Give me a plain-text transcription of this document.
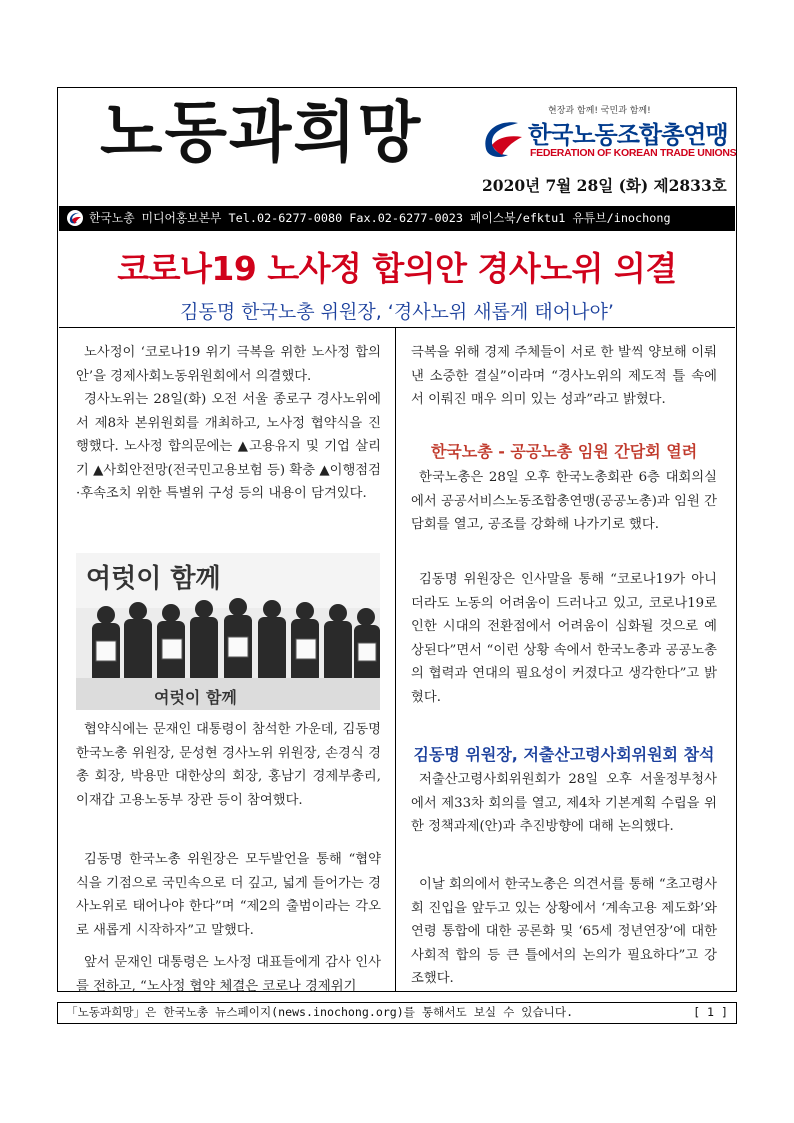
노동과희망	현장과 함께! 국민과 함께!
한국노동조합총연맹
FEDERATION OF KOREAN TRADE UNIONS
2020년 7월 28일 (화) 제2833호
한국노총 미디어홍보본부 Tel.02-6277-0080 Fax.02-6277-0023 페이스북/efktu1 유튜브/inochong
코로나19 노사정 합의안 경사노위 의결
김동명 한국노총 위원장, ‘경사노위 새롭게 태어나야’
노사정이 ‘코로나19 위기 극복을 위한 노사정 합의안’을 경제사회노동위원회에서 의결했다.
경사노위는 28일(화) 오전 서울 종로구 경사노위에서 제8차 본위원회를 개최하고, 노사정 협약식을 진행했다. 노사정 합의문에는 ▲고용유지 및 기업 살리기 ▲사회안전망(전국민고용보험 등) 확충 ▲이행점검·후속조치 위한 특별위 구성 등의 내용이 담겨있다.
여럿이 함께
여럿이 함께
협약식에는 문재인 대통령이 참석한 가운데, 김동명 한국노총 위원장, 문성현 경사노위 위원장, 손경식 경총 회장, 박용만 대한상의 회장, 홍남기 경제부총리, 이재갑 고용노동부 장관 등이 참여했다.
김동명 한국노총 위원장은 모두발언을 통해 “협약식을 기점으로 국민속으로 더 깊고, 넓게 들어가는 경사노위로 태어나야 한다”며 “제2의 출범이라는 각오로 새롭게 시작하자”고 말했다.
앞서 문재인 대통령은 노사정 대표들에게 감사 인사를 전하고, “노사정 협약 체결은 코로나 경제위기
극복을 위해 경제 주체들이 서로 한 발씩 양보해 이뤄낸 소중한 결실”이라며 “경사노위의 제도적 틀 속에서 이뤄진 매우 의미 있는 성과”라고 밝혔다.
한국노총 - 공공노총 임원 간담회 열려
한국노총은 28일 오후 한국노총회관 6층 대회의실에서 공공서비스노동조합총연맹(공공노총)과 임원 간담회를 열고, 공조를 강화해 나가기로 했다.
김동명 위원장은 인사말을 통해 “코로나19가 아니더라도 노동의 어려움이 드러나고 있고, 코로나19로 인한 시대의 전환점에서 어려움이 심화될 것으로 예상된다”면서 “이런 상황 속에서 한국노총과 공공노총의 협력과 연대의 필요성이 커졌다고 생각한다”고 밝혔다.
김동명 위원장, 저출산고령사회위원회 참석
저출산고령사회위원회가 28일 오후 서울정부청사에서 제33차 회의를 열고, 제4차 기본계획 수립을 위한 정책과제(안)과 추진방향에 대해 논의했다.
이날 회의에서 한국노총은 의견서를 통해 “초고령사회 진입을 앞두고 있는 상황에서 ‘계속고용 제도화’와 연령 통합에 대한 공론화 및 ‘65세 정년연장’에 대한 사회적 합의 등 큰 틀에서의 논의가 필요하다”고 강조했다.
「노동과희망」은 한국노총 뉴스페이지(news.inochong.org)를 통해서도 보실 수 있습니다.	[ 1 ]
